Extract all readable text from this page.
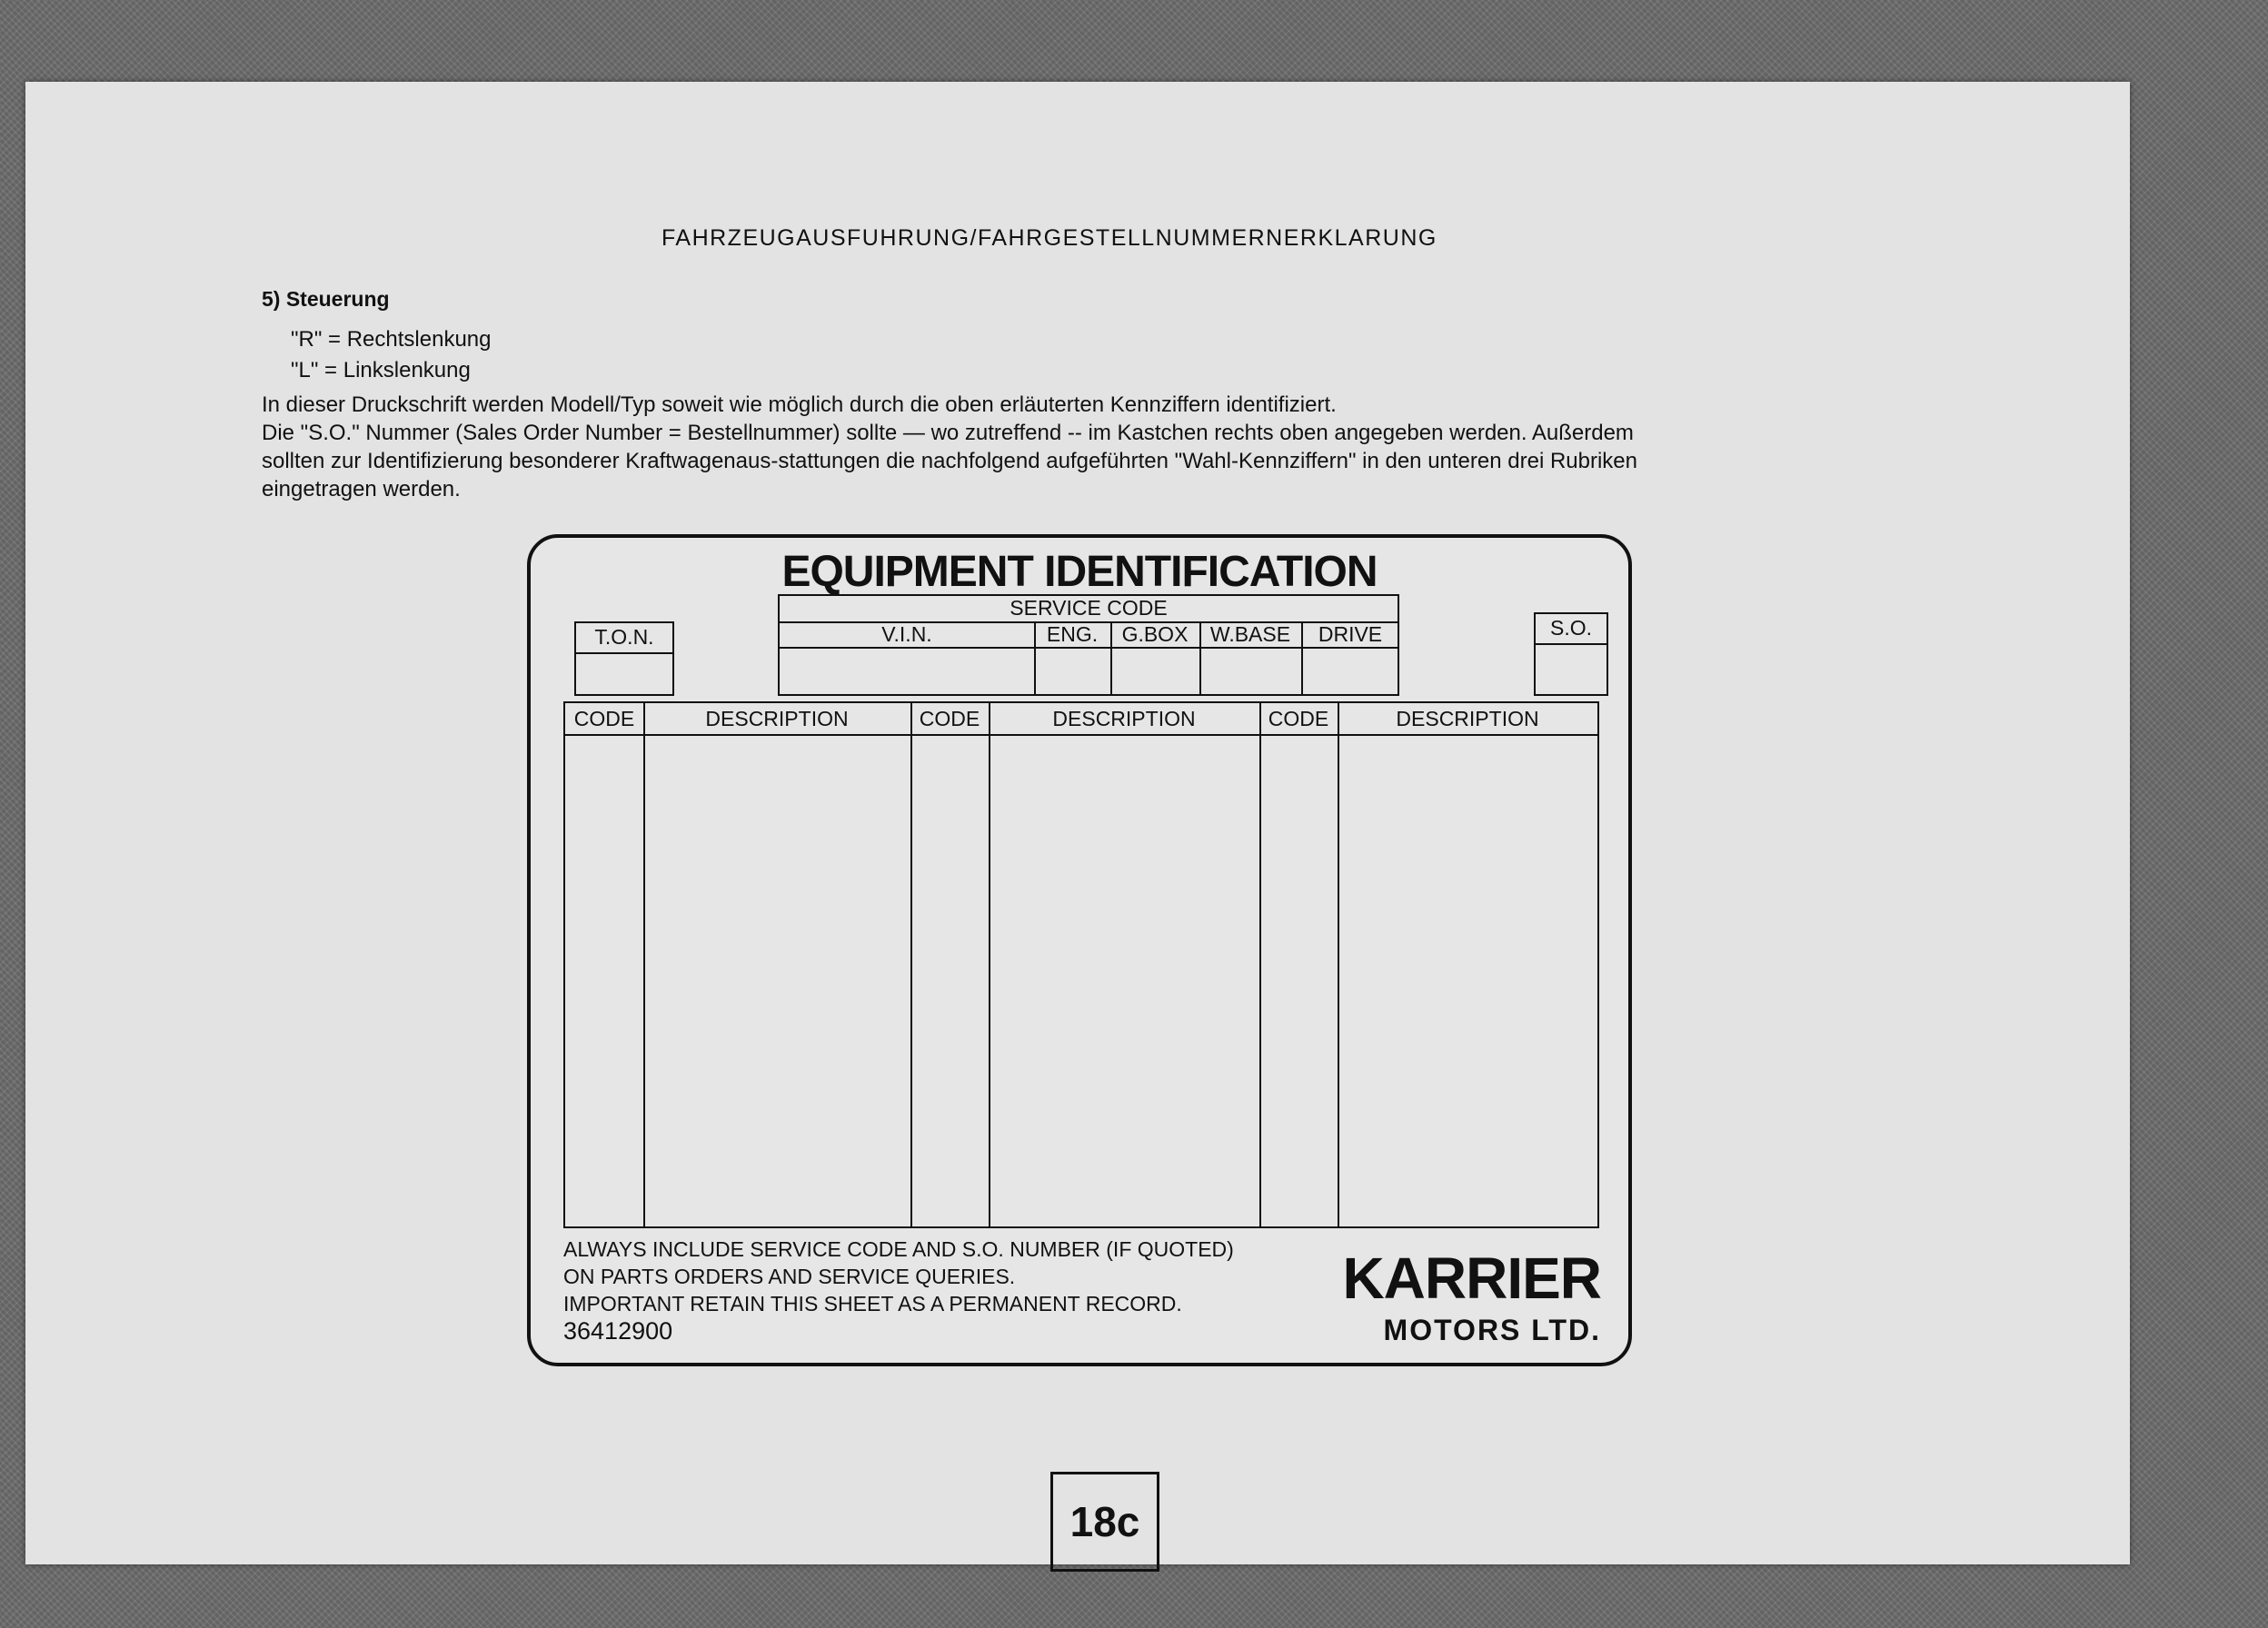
FAHRZEUGAUSFUHRUNG/FAHRGESTELLNUMMERNERKLARUNG
5) Steuerung
"R" = Rechtslenkung
"L" = Linkslenkung
In dieser Druckschrift werden Modell/Typ soweit wie möglich durch die oben erläuterten Kennziffern identifiziert.
Die "S.O." Nummer (Sales Order Number = Bestellnummer) sollte — wo zutreffend -- im Kastchen rechts oben angegeben werden. Außerdem
sollten zur Identifizierung besonderer Kraftwagenaus-stattungen die nachfolgend aufgeführten "Wahl-Kennziffern" in den unteren drei Rubriken
eingetragen werden.
EQUIPMENT IDENTIFICATION
T.O.N.
SERVICE CODE
V.I.N.	ENG.	G.BOX	W.BASE	DRIVE	S.O.
CODE	DESCRIPTION	CODE	DESCRIPTION	CODE	DESCRIPTION
ALWAYS INCLUDE SERVICE CODE AND S.O. NUMBER (IF QUOTED)
ON PARTS ORDERS AND SERVICE QUERIES.
IMPORTANT RETAIN THIS SHEET AS A PERMANENT RECORD.
36412900
KARRIER
MOTORS LTD.
18c
